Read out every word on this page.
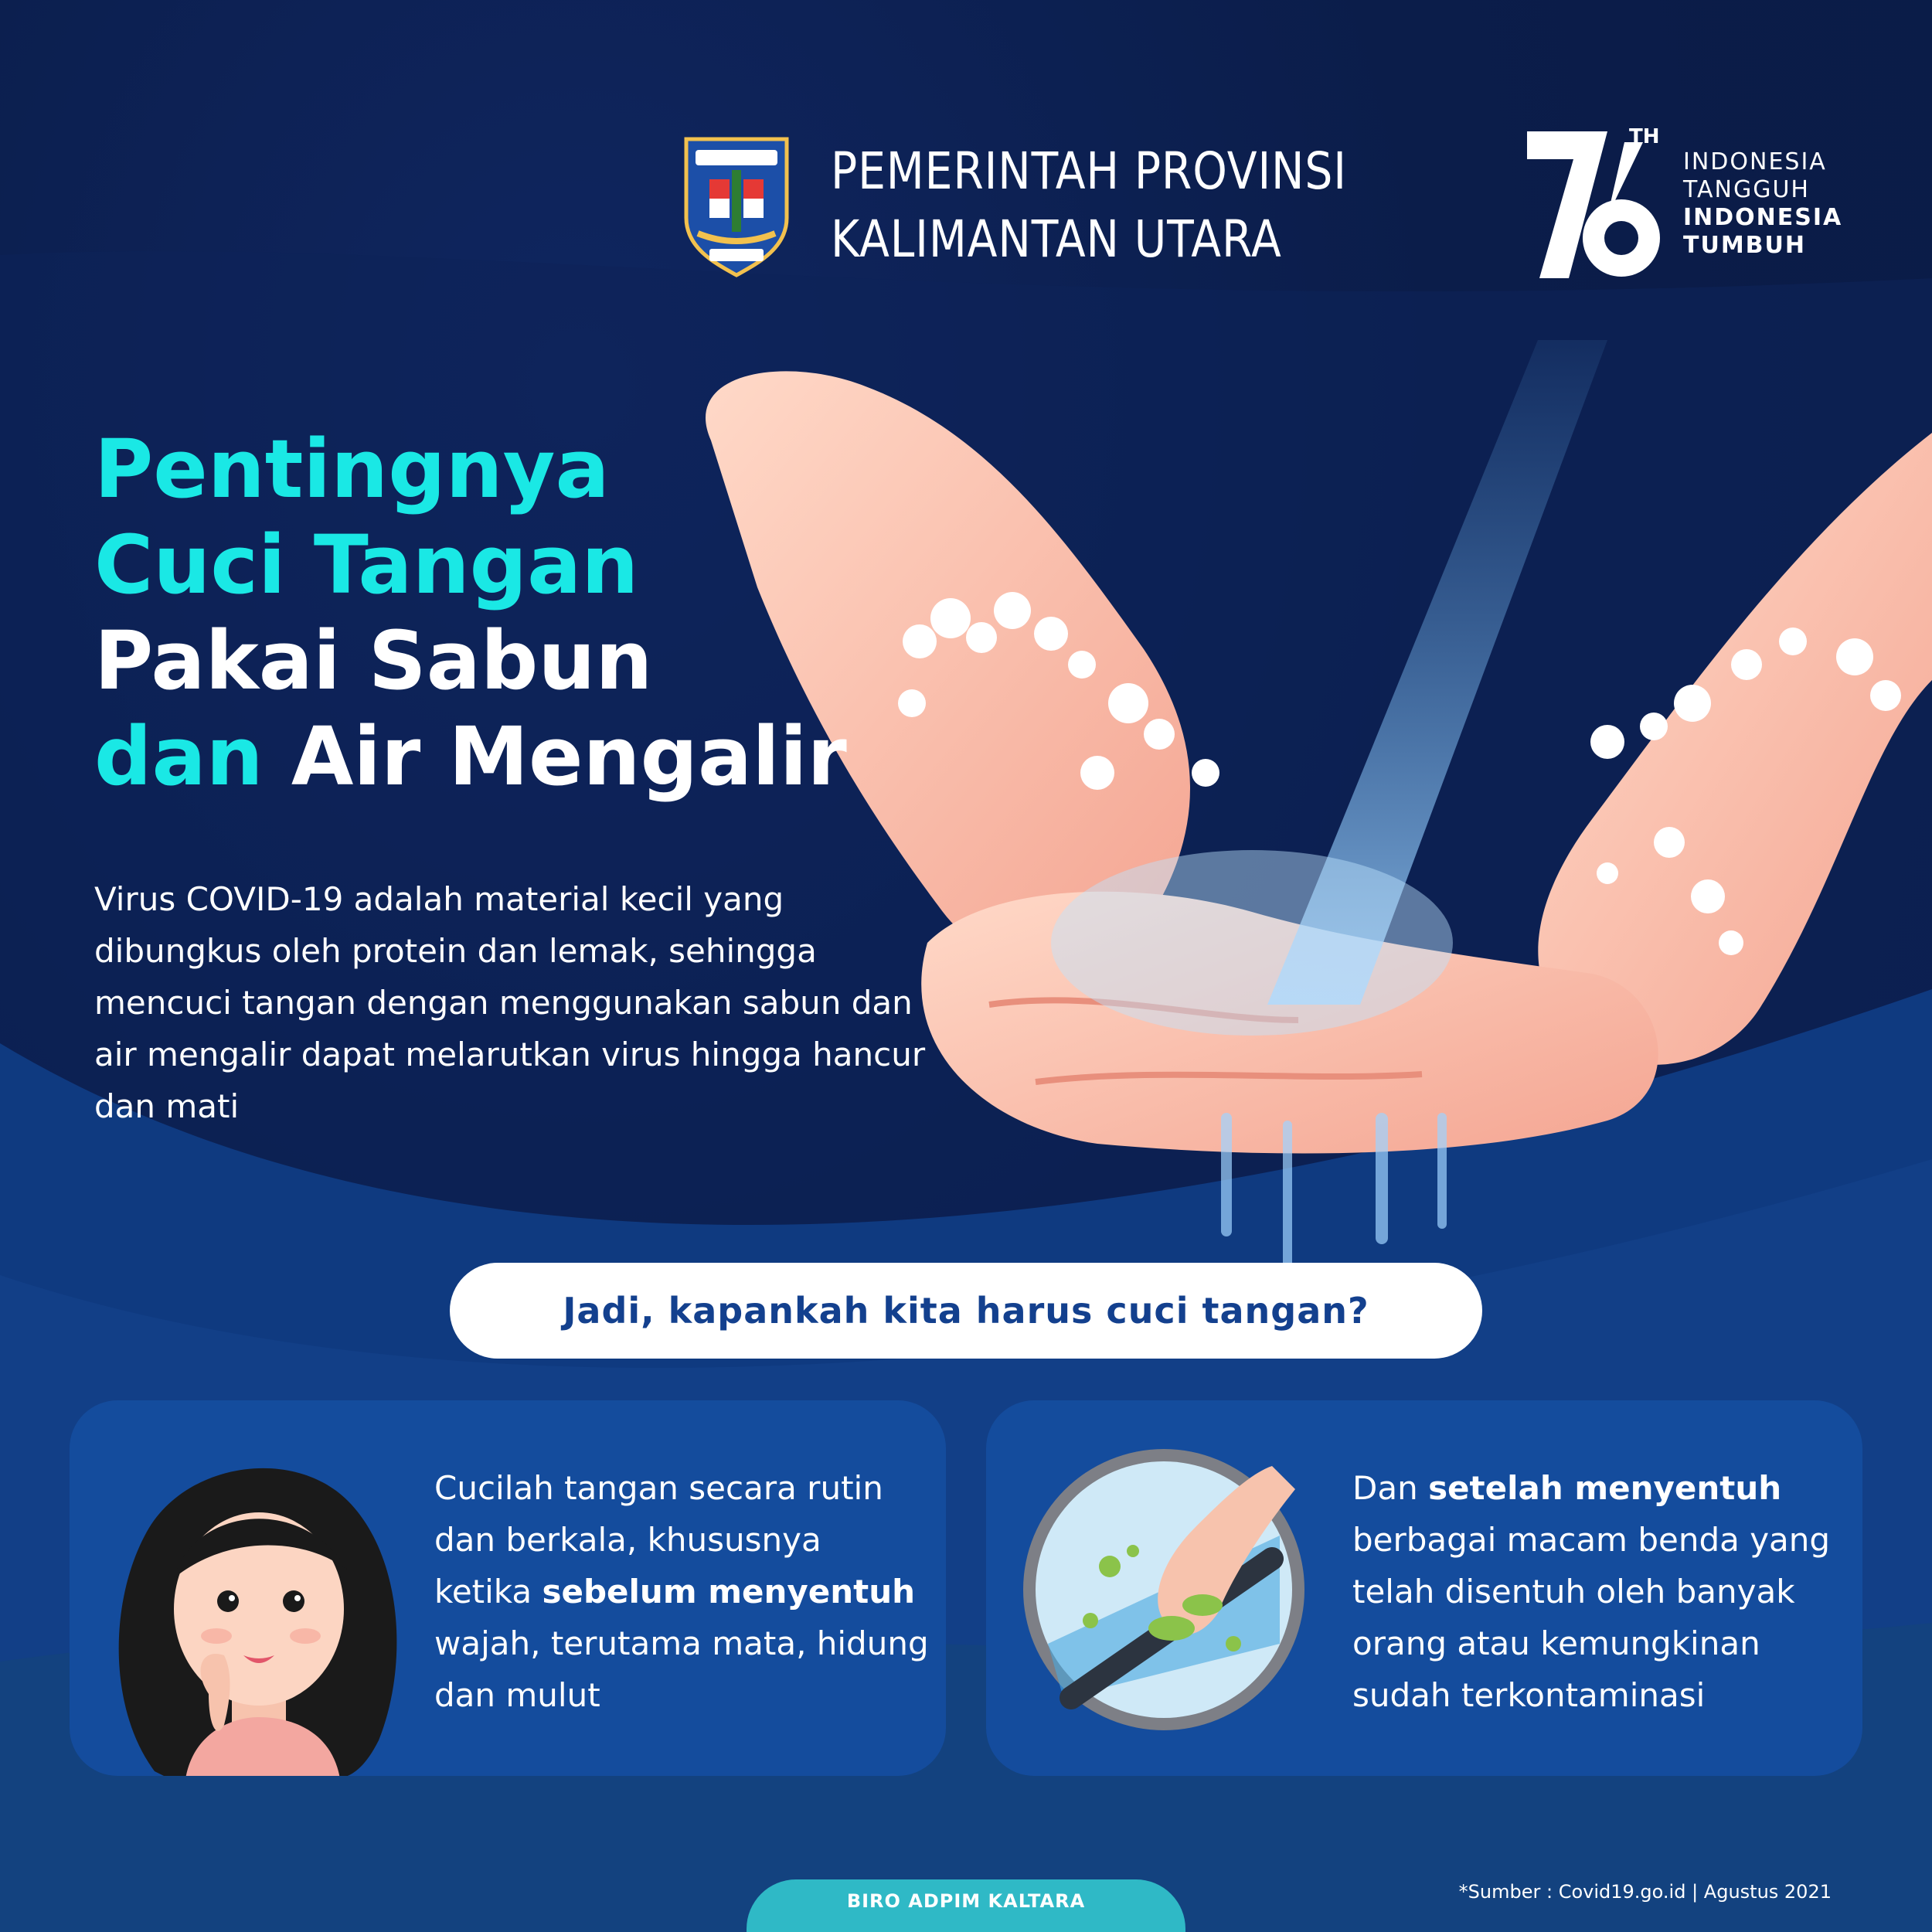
PEMERINTAH PROVINSI
KALIMANTAN UTARA
TH
INDONESIA
TANGGUH
INDONESIA
TUMBUH
Pentingnya
Cuci Tangan
Pakai Sabun
dan Air Mengalir
Virus COVID-19 adalah material kecil yang dibungkus oleh protein dan lemak, sehingga mencuci tangan dengan menggunakan sabun dan air mengalir dapat melarutkan virus hingga hancur dan mati
Jadi, kapankah kita harus cuci tangan?
Cucilah tangan secara rutin dan berkala, khususnya ketika sebelum menyentuh wajah, terutama mata, hidung dan mulut
Dan setelah menyentuh berbagai macam benda yang telah disentuh oleh banyak orang atau kemungkinan sudah terkontaminasi
BIRO ADPIM KALTARA	*Sumber : Covid19.go.id | Agustus 2021
